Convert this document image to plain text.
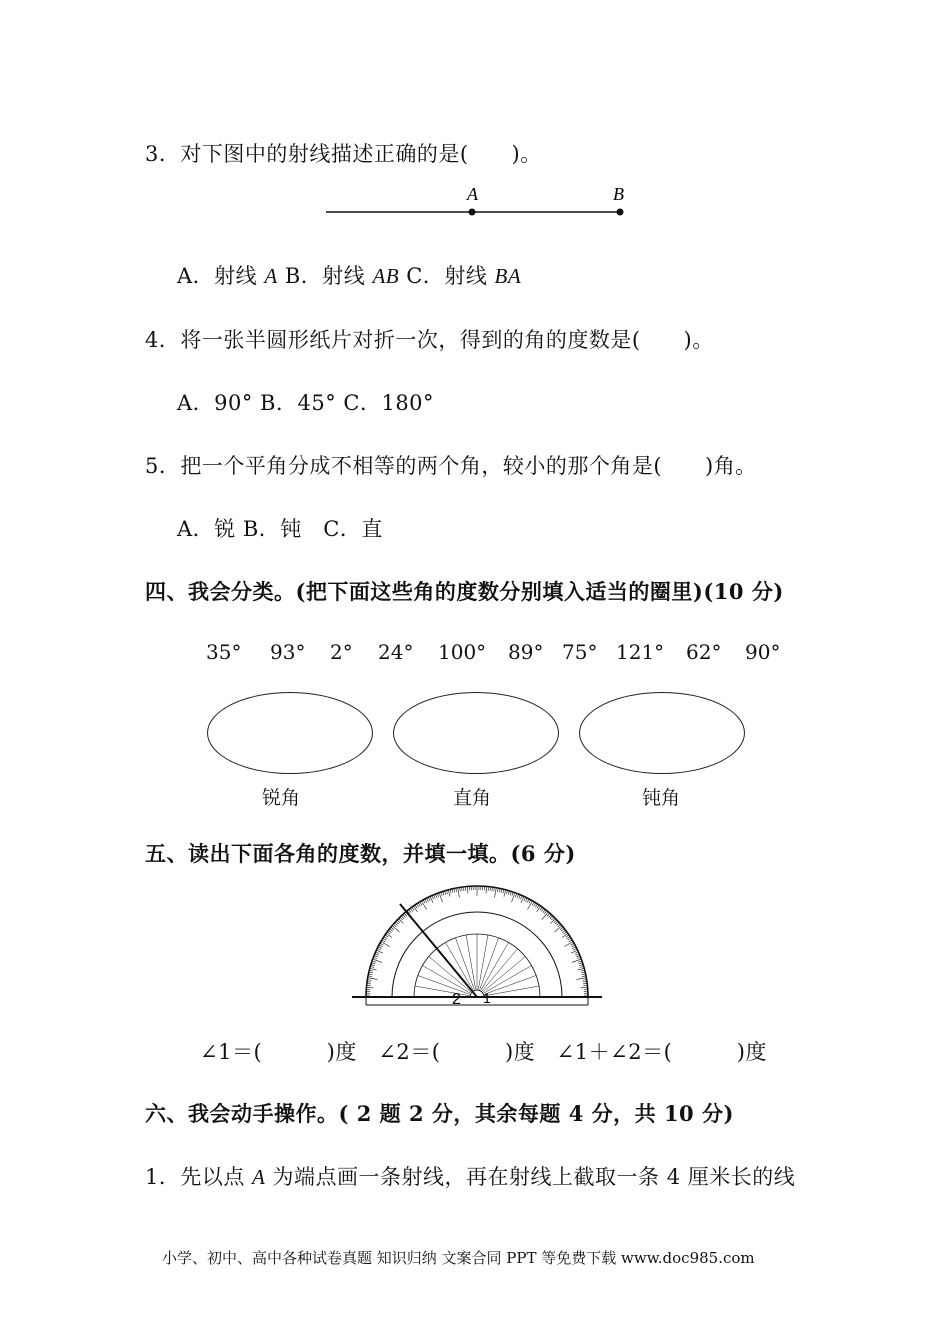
3．对下图中的射线描述正确的是(　　)。
A	B
A．射线 A B．射线 AB C．射线 BA
4．将一张半圆形纸片对折一次，得到的角的度数是(　　)。
A．90° B．45° C．180°
5．把一个平角分成不相等的两个角，较小的那个角是(　　)角。
A．锐 B．钝　C．直
四、我会分类。(把下面这些角的度数分别填入适当的圈里)(10 分)
35° 93° 2° 24° 100° 89° 75° 121° 62° 90°
锐角	直角	钝角
五、读出下面各角的度数，并填一填。(6 分)
2 1
∠1＝(　　　)度　∠2＝(　　　)度　∠1＋∠2＝(　　　)度
六、我会动手操作。( 2 题 2 分，其余每题 4 分，共 10 分)
1．先以点 A 为端点画一条射线，再在射线上截取一条 4 厘米长的线
小学、初中、高中各种试卷真题 知识归纳 文案合同 PPT 等免费下载 www.doc985.com
